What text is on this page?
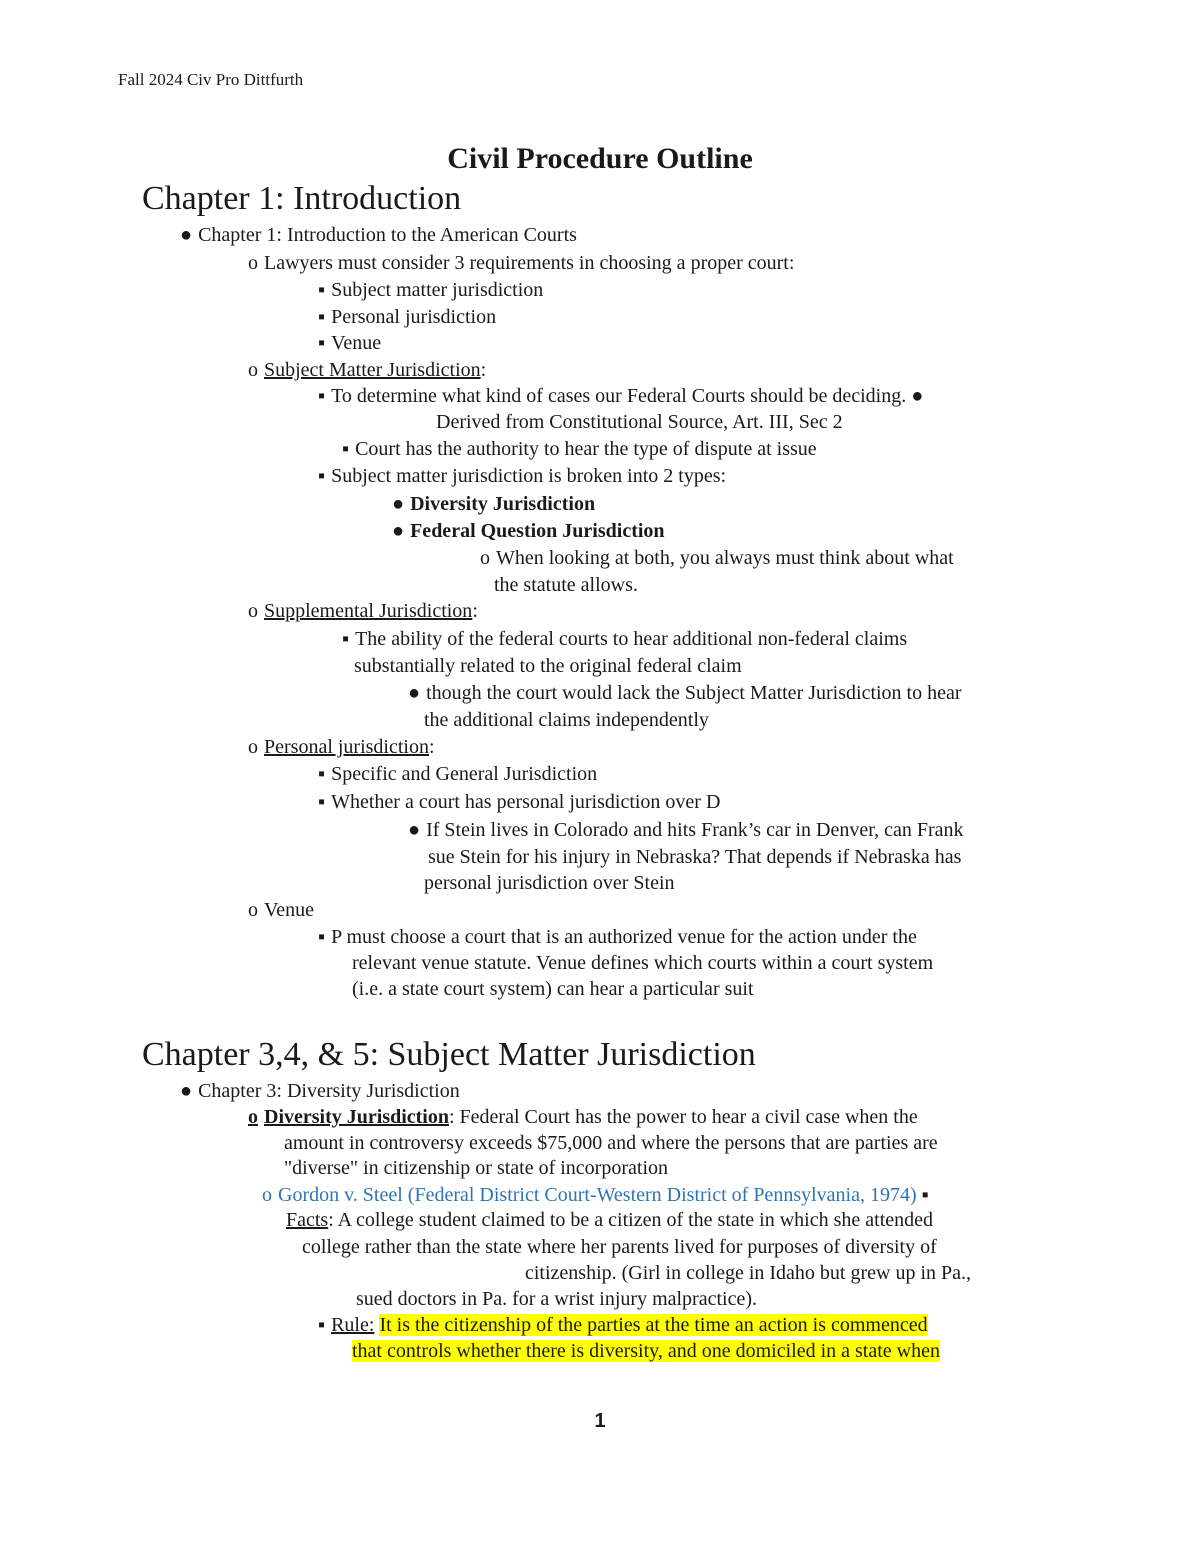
Fall 2024 Civ Pro Dittfurth
Civil Procedure Outline
Chapter 1: Introduction
● Chapter 1: Introduction to the American Courts
o Lawyers must consider 3 requirements in choosing a proper court:
▪ Subject matter jurisdiction
▪ Personal jurisdiction
▪ Venue
o Subject Matter Jurisdiction:
▪ To determine what kind of cases our Federal Courts should be deciding. ●
Derived from Constitutional Source, Art. III, Sec 2
▪ Court has the authority to hear the type of dispute at issue
▪ Subject matter jurisdiction is broken into 2 types:
● Diversity Jurisdiction
● Federal Question Jurisdiction
o When looking at both, you always must think about what
the statute allows.
o Supplemental Jurisdiction:
▪ The ability of the federal courts to hear additional non-federal claims
substantially related to the original federal claim
● though the court would lack the Subject Matter Jurisdiction to hear
the additional claims independently
o Personal jurisdiction:
▪ Specific and General Jurisdiction
▪ Whether a court has personal jurisdiction over D
● If Stein lives in Colorado and hits Frank’s car in Denver, can Frank
sue Stein for his injury in Nebraska? That depends if Nebraska has
personal jurisdiction over Stein
o Venue
▪ P must choose a court that is an authorized venue for the action under the
relevant venue statute. Venue defines which courts within a court system
(i.e. a state court system) can hear a particular suit
Chapter 3,4, & 5: Subject Matter Jurisdiction
● Chapter 3: Diversity Jurisdiction
o Diversity Jurisdiction: Federal Court has the power to hear a civil case when the
amount in controversy exceeds $75,000 and where the persons that are parties are
"diverse" in citizenship or state of incorporation
o Gordon v. Steel (Federal District Court-Western District of Pennsylvania, 1974) ▪
Facts: A college student claimed to be a citizen of the state in which she attended
college rather than the state where her parents lived for purposes of diversity of
citizenship. (Girl in college in Idaho but grew up in Pa.,
sued doctors in Pa. for a wrist injury malpractice).
▪ Rule: It is the citizenship of the parties at the time an action is commenced
that controls whether there is diversity, and one domiciled in a state when
1
